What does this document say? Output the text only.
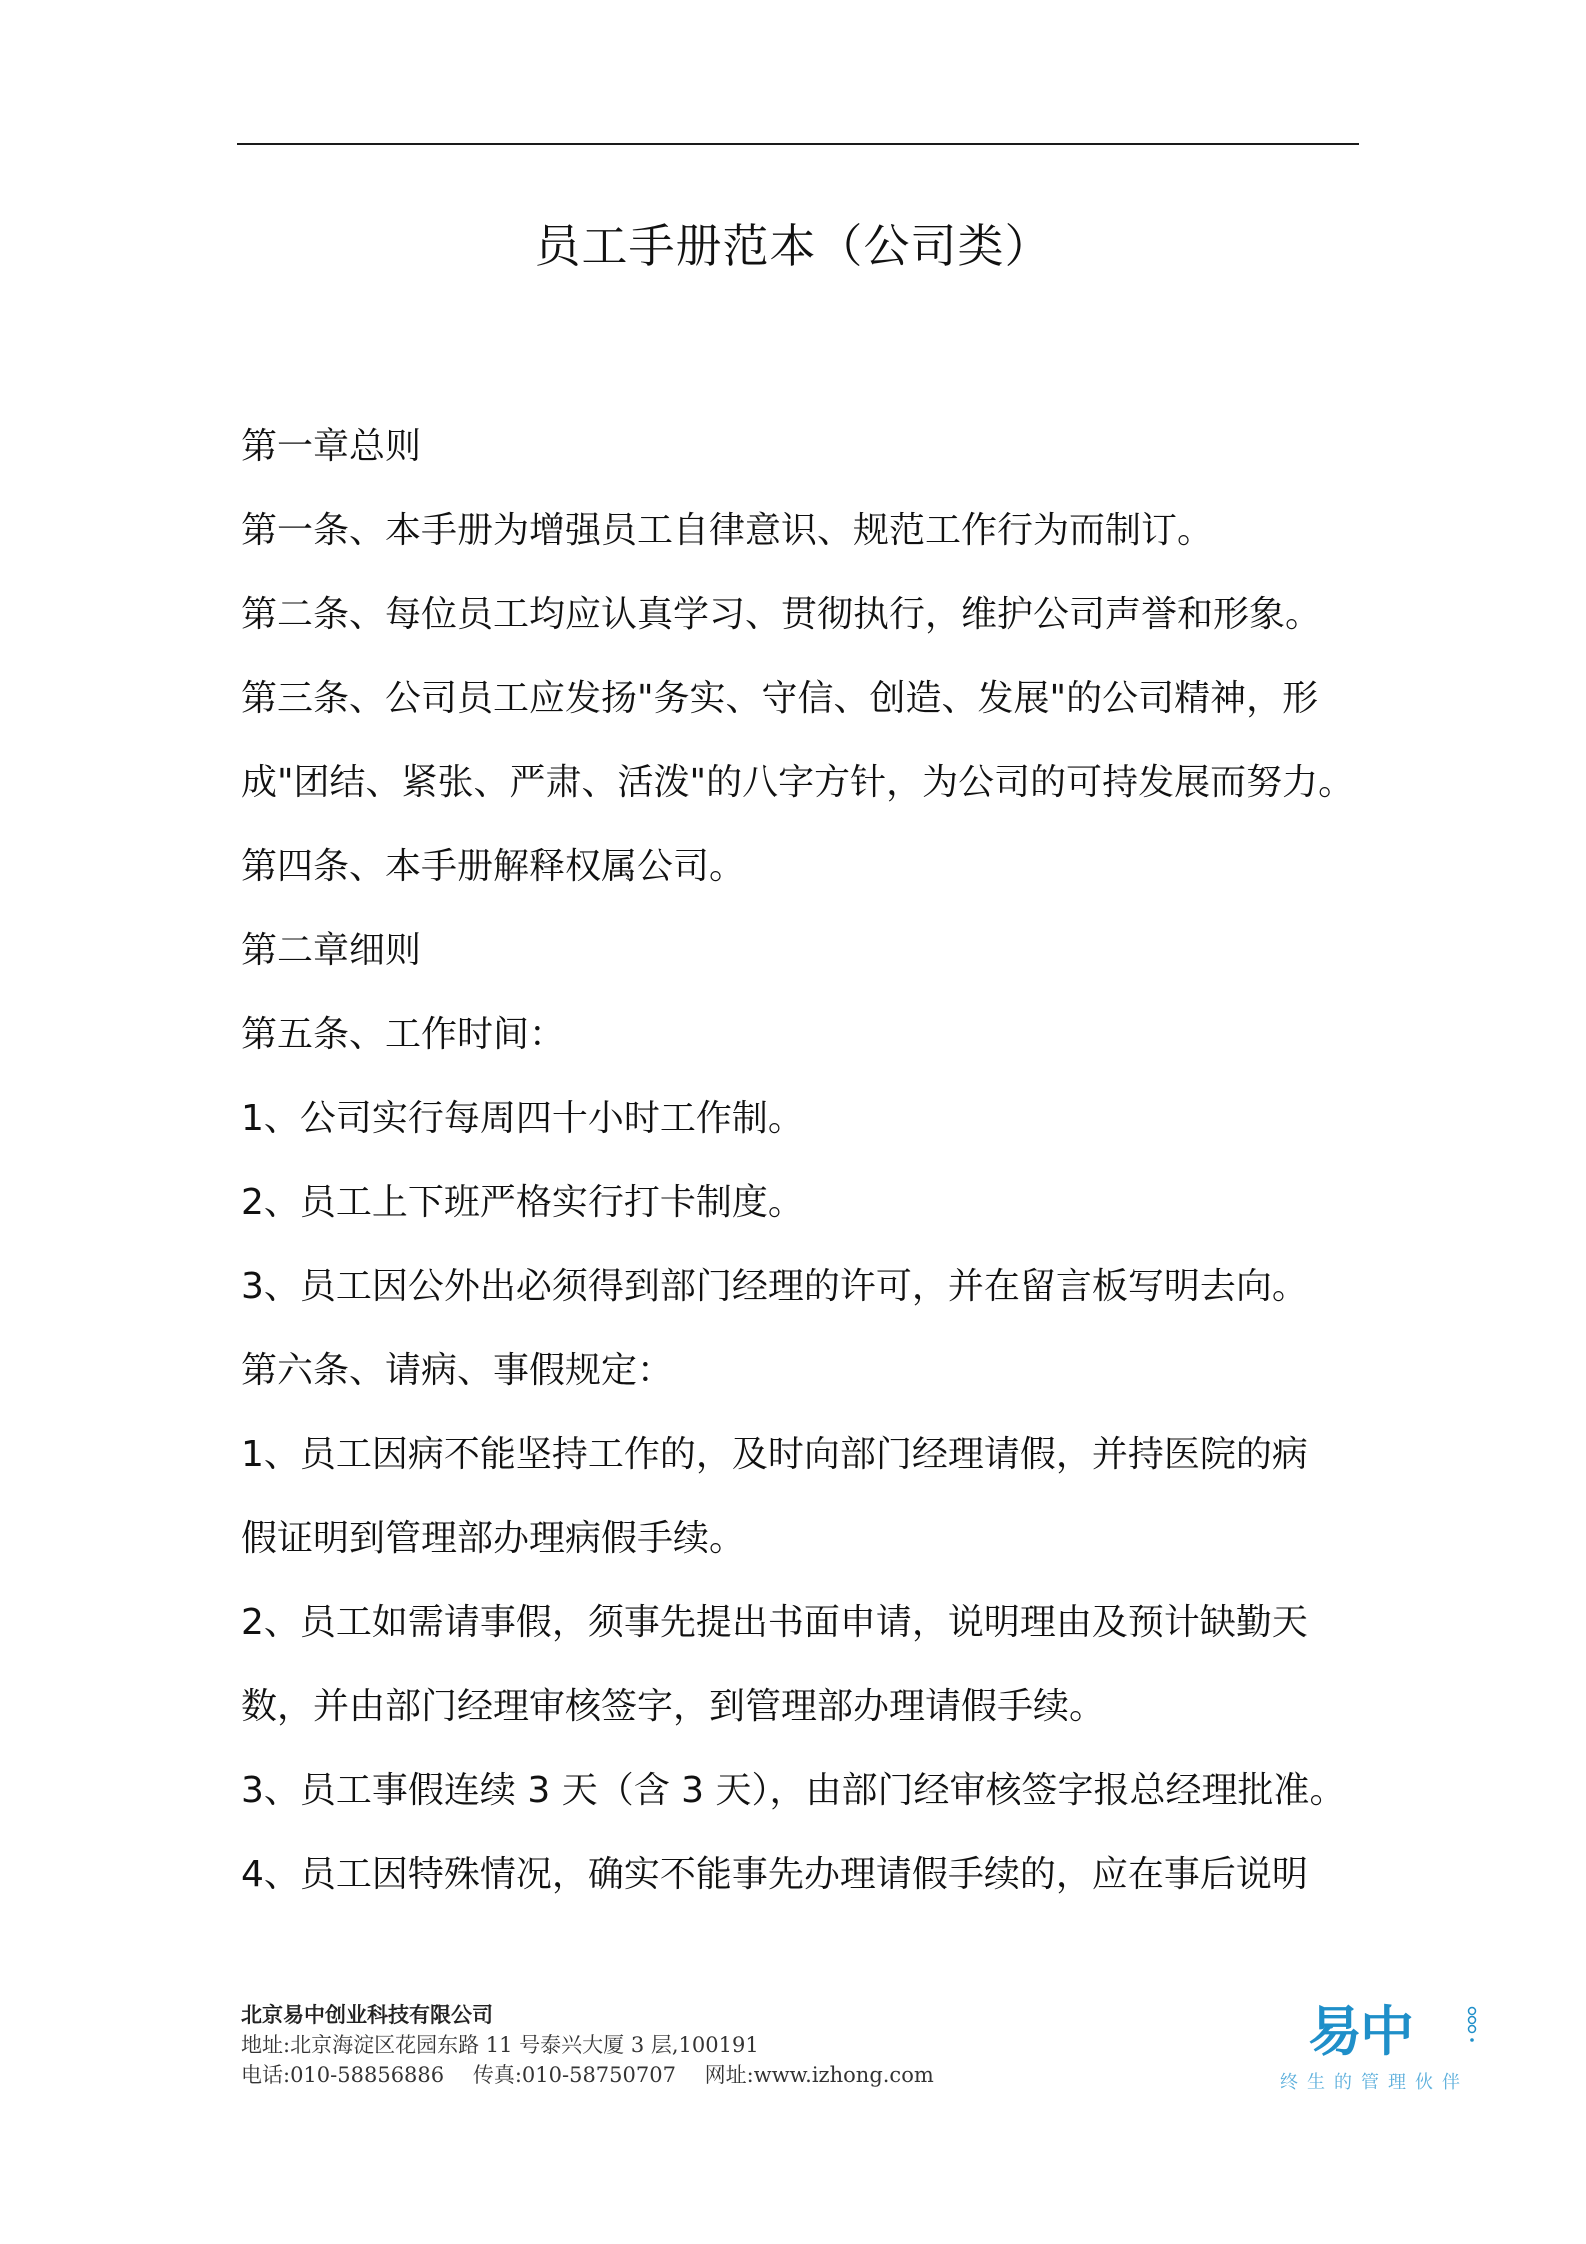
员工手册范本（公司类）

第一章总则

第一条、本手册为增强员工自律意识、规范工作行为而制订。

第二条、每位员工均应认真学习、贯彻执行，维护公司声誉和形象。

第三条、公司员工应发扬"务实、守信、创造、发展"的公司精神，形

成"团结、紧张、严肃、活泼"的八字方针，为公司的可持发展而努力。

第四条、本手册解释权属公司。

第二章细则

第五条、工作时间：

1、公司实行每周四十小时工作制。

2、员工上下班严格实行打卡制度。

3、员工因公外出必须得到部门经理的许可，并在留言板写明去向。

第六条、请病、事假规定：

1、员工因病不能坚持工作的，及时向部门经理请假，并持医院的病

假证明到管理部办理病假手续。

2、员工如需请事假，须事先提出书面申请，说明理由及预计缺勤天

数，并由部门经理审核签字，到管理部办理请假手续。

3、员工事假连续 3 天（含 3 天），由部门经审核签字报总经理批准。

4、员工因特殊情况，确实不能事先办理请假手续的，应在事后说明

北京易中创业科技有限公司
地址:北京海淀区花园东路 11 号泰兴大厦 3 层,100191
电话:010-58856886 传真:010-58750707 网址:www.izhong.com
易中
终生的管理伙伴
